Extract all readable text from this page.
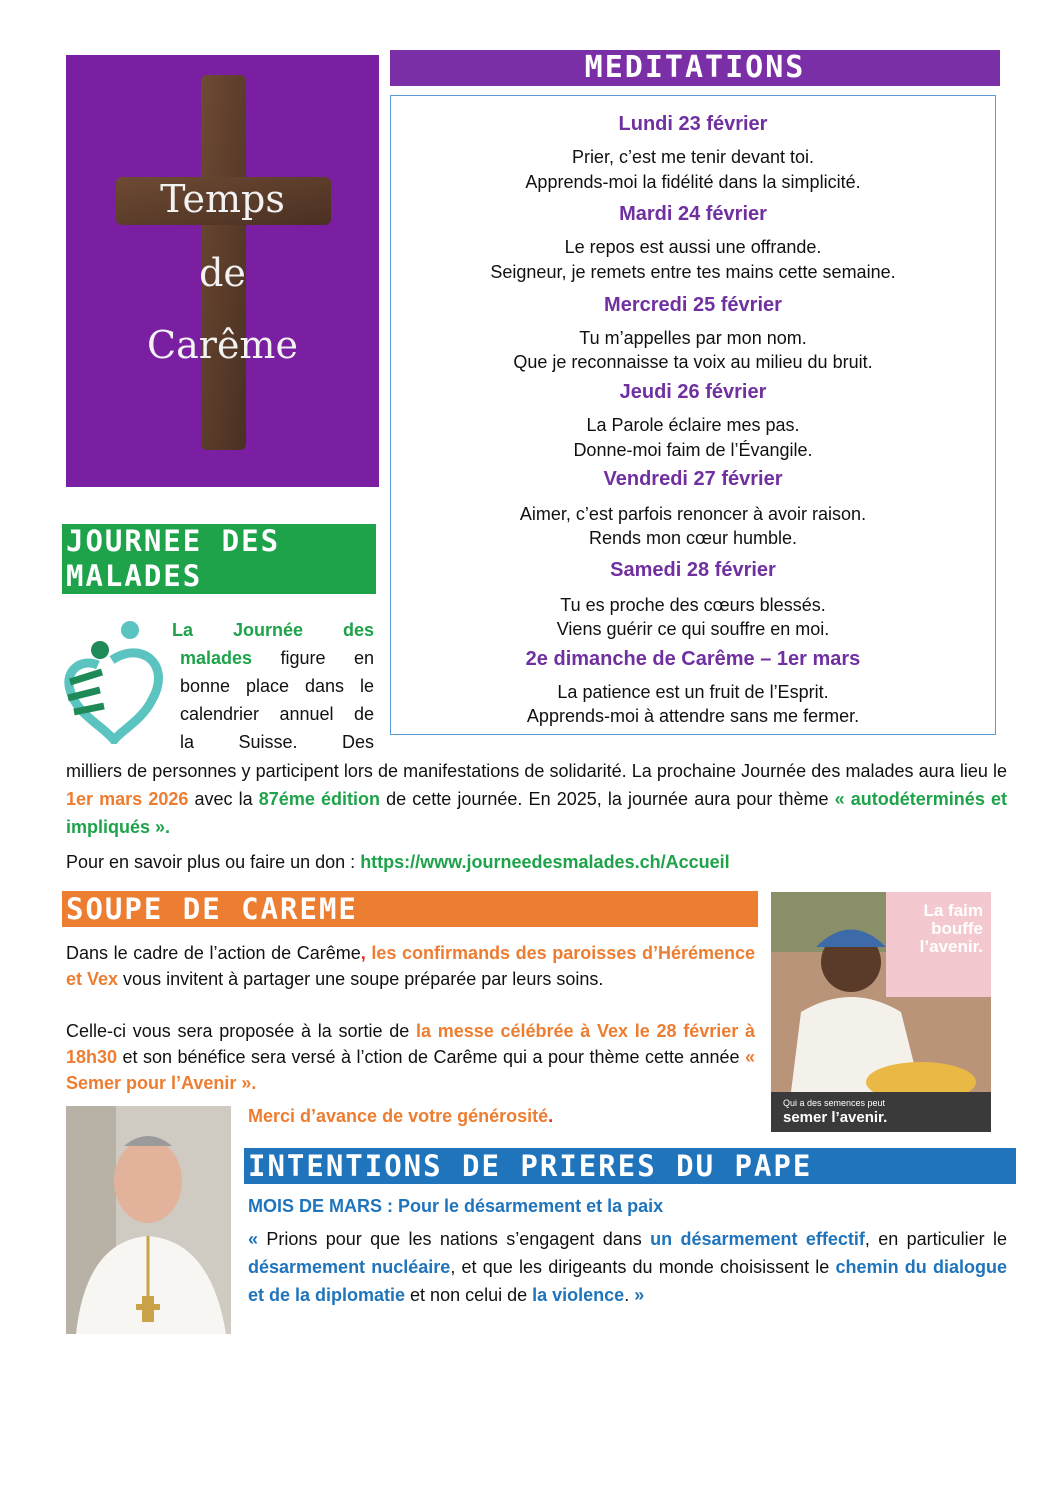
Temps
de
Carême
MEDITATIONS
Lundi 23 février
Prier, c’est me tenir devant toi.
Apprends-moi la fidélité dans la simplicité.
Mardi 24 février
Le repos est aussi une offrande.
Seigneur, je remets entre tes mains cette semaine.
Mercredi 25 février
Tu m’appelles par mon nom.
Que je reconnaisse ta voix au milieu du bruit.
Jeudi 26 février
La Parole éclaire mes pas.
Donne-moi faim de l’Évangile.
Vendredi 27 février
Aimer, c’est parfois renoncer à avoir raison.
Rends mon cœur humble.
Samedi 28 février
Tu es proche des cœurs blessés.
Viens guérir ce qui souffre en moi.
2e dimanche de Carême – 1er mars
La patience est un fruit de l’Esprit.
Apprends-moi à attendre sans me fermer.
JOURNEE DES
MALADES
La Journée des
malades figure en
bonne place dans le
calendrier annuel de
la Suisse. Des
milliers de personnes y participent lors de manifestations de solidarité. La prochaine Journée des malades aura lieu le 1er mars 2026 avec la 87éme édition de cette journée. En 2025, la journée aura pour thème « autodéterminés et impliqués ».
Pour en savoir plus ou faire un don : https://www.journeedesmalades.ch/Accueil
SOUPE DE CAREME
Dans le cadre de l’action de Carême, les confirmands des paroisses d’Hérémence et Vex vous invitent à partager une soupe préparée par leurs soins.
Celle-ci vous sera proposée à la sortie de la messe célébrée à Vex le 28 février à 18h30 et son bénéfice sera versé à l’ction de Carême qui a pour thème cette année « Semer pour l’Avenir ».
Merci d’avance de votre générosité.
La faim
bouffe
l’avenir.
Qui a des semences peut
semer l’avenir.
INTENTIONS DE PRIERES DU PAPE
MOIS DE MARS : Pour le désarmement et la paix
« Prions pour que les nations s’engagent dans un désarmement effectif, en particulier le désarmement nucléaire, et que les dirigeants du monde choisissent le chemin du dialogue et de la diplomatie et non celui de la violence. »
